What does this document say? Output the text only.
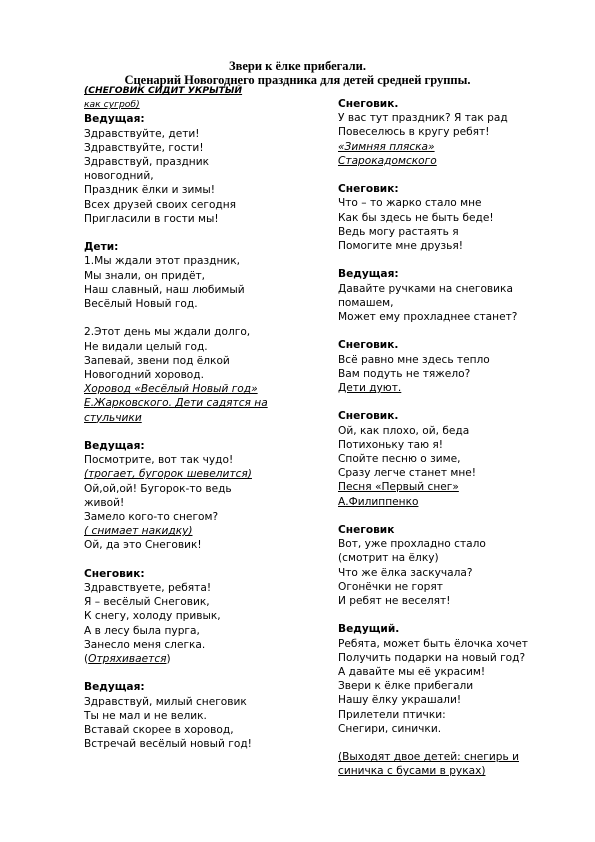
Звери к ёлке прибегали.
Сценарий Новогоднего праздника для детей средней группы.
(СНЕГОВИК СИДИТ УКРЫТЫЙ
как сугроб)
Ведущая:
Здравствуйте, дети!
Здравствуйте, гости!
Здравствуй, праздник
новогодний,
Праздник ёлки и зимы!
Всех друзей своих сегодня
Пригласили в гости мы!
Дети:
1.Мы ждали этот праздник,
Мы знали, он придёт,
Наш славный, наш любимый
Весёлый Новый год.
2.Этот день мы ждали долго,
Не видали целый год.
Запевай, звени под ёлкой
Новогодний хоровод.
Хоровод «Весёлый Новый год»
Е.Жарковского. Дети садятся на
стульчики
Ведущая:
Посмотрите, вот так чудо!
(трогает, бугорок шевелится)
Ой,ой,ой! Бугорок-то ведь
живой!
Замело кого-то снегом?
( снимает накидку)
Ой, да это Снеговик!
Снеговик:
Здравствуете, ребята!
Я – весёлый Снеговик,
К снегу, холоду привык,
А в лесу была пурга,
Занесло меня слегка.
(Отряхивается)
Ведущая:
Здравствуй, милый снеговик
Ты не мал и не велик.
Вставай скорее в хоровод,
Встречай весёлый новый год!
Снеговик.
У вас тут праздник? Я так рад
Повеселюсь в кругу ребят!
«Зимняя пляска»
Старокадомского
Снеговик:
Что – то жарко стало мне
Как бы здесь не быть беде!
Ведь могу растаять я
Помогите мне друзья!
Ведущая:
Давайте ручками на снеговика
помашем,
Может ему прохладнее станет?
Снеговик.
Всё равно мне здесь тепло
Вам подуть не тяжело?
Дети дуют.
Снеговик.
Ой, как плохо, ой, беда
Потихоньку таю я!
Спойте песню о зиме,
Сразу легче станет мне!
Песня «Первый снег»
А.Филиппенко
Снеговик
Вот, уже прохладно стало
(смотрит на ёлку)
Что же ёлка заскучала?
Огонёчки не горят
И ребят не веселят!
Ведущий.
Ребята, может быть ёлочка хочет
Получить подарки на новый год?
А давайте мы её украсим!
Звери к ёлке прибегали
Нашу ёлку украшали!
Прилетели птички:
Снегири, синички.
(Выходят двое детей: снегирь и
синичка с бусами в руках)
